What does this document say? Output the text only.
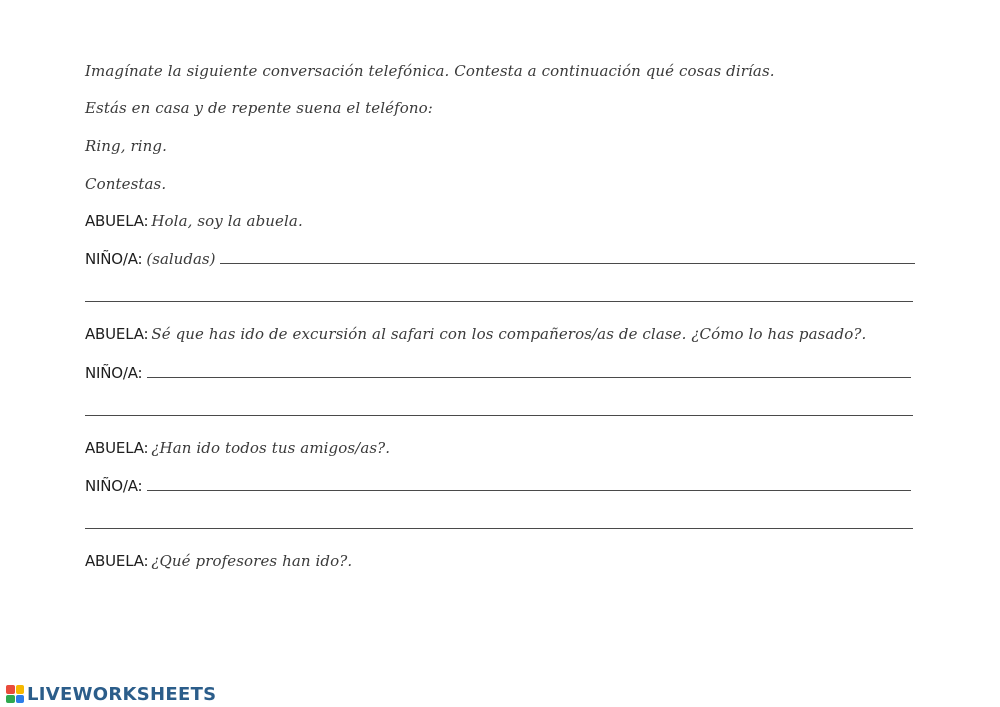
Imagínate la siguiente conversación telefónica. Contesta a continuación qué cosas dirías.
Estás en casa y de repente suena el teléfono:
Ring, ring.
Contestas.
ABUELA: Hola, soy la abuela.
NIÑO/A: (saludas)
ABUELA: Sé que has ido de excursión al safari con los compañeros/as de clase. ¿Cómo lo has pasado?.
NIÑO/A:
ABUELA: ¿Han ido todos tus amigos/as?.
NIÑO/A:
ABUELA: ¿Qué profesores han ido?.
LIVEWORKSHEETS
